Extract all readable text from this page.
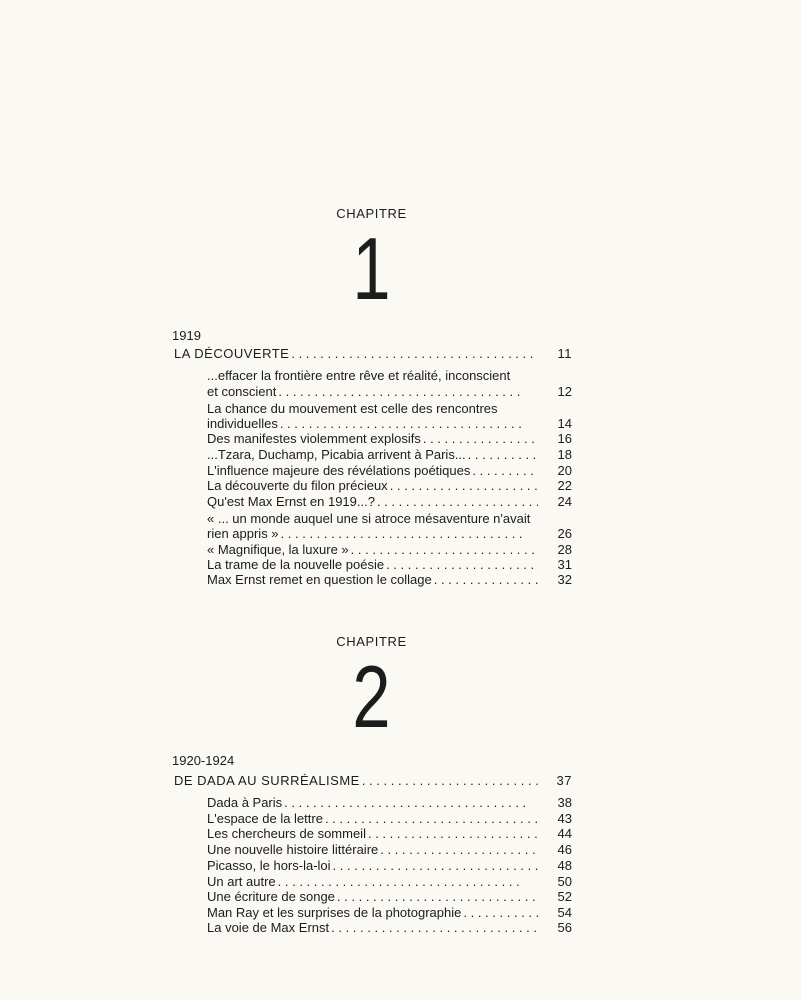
CHAPITRE
1
1919
LA DÉCOUVERTE . .	11
...effacer la frontière entre rêve et réalité, inconscient
et conscient . .	12
La chance du mouvement est celle des rencontres
individuelles . .	14
Des manifestes violemment explosifs . .	16
...Tzara, Duchamp, Picabia arrivent à Paris... . .	18
L'influence majeure des révélations poétiques . .	20
La découverte du filon précieux . .	22
Qu'est Max Ernst en 1919...? . .	24
« ... un monde auquel une si atroce mésaventure n'avait
rien appris » . .	26
« Magnifique, la luxure » . .	28
La trame de la nouvelle poésie . .	31
Max Ernst remet en question le collage . .	32
CHAPITRE
2
1920-1924
DE DADA AU SURRÉALISME . .	37
Dada à Paris . .	38
L'espace de la lettre . .	43
Les chercheurs de sommeil . .	44
Une nouvelle histoire littéraire . .	46
Picasso, le hors-la-loi . .	48
Un art autre . .	50
Une écriture de songe . .	52
Man Ray et les surprises de la photographie . .	54
La voie de Max Ernst . .	56
